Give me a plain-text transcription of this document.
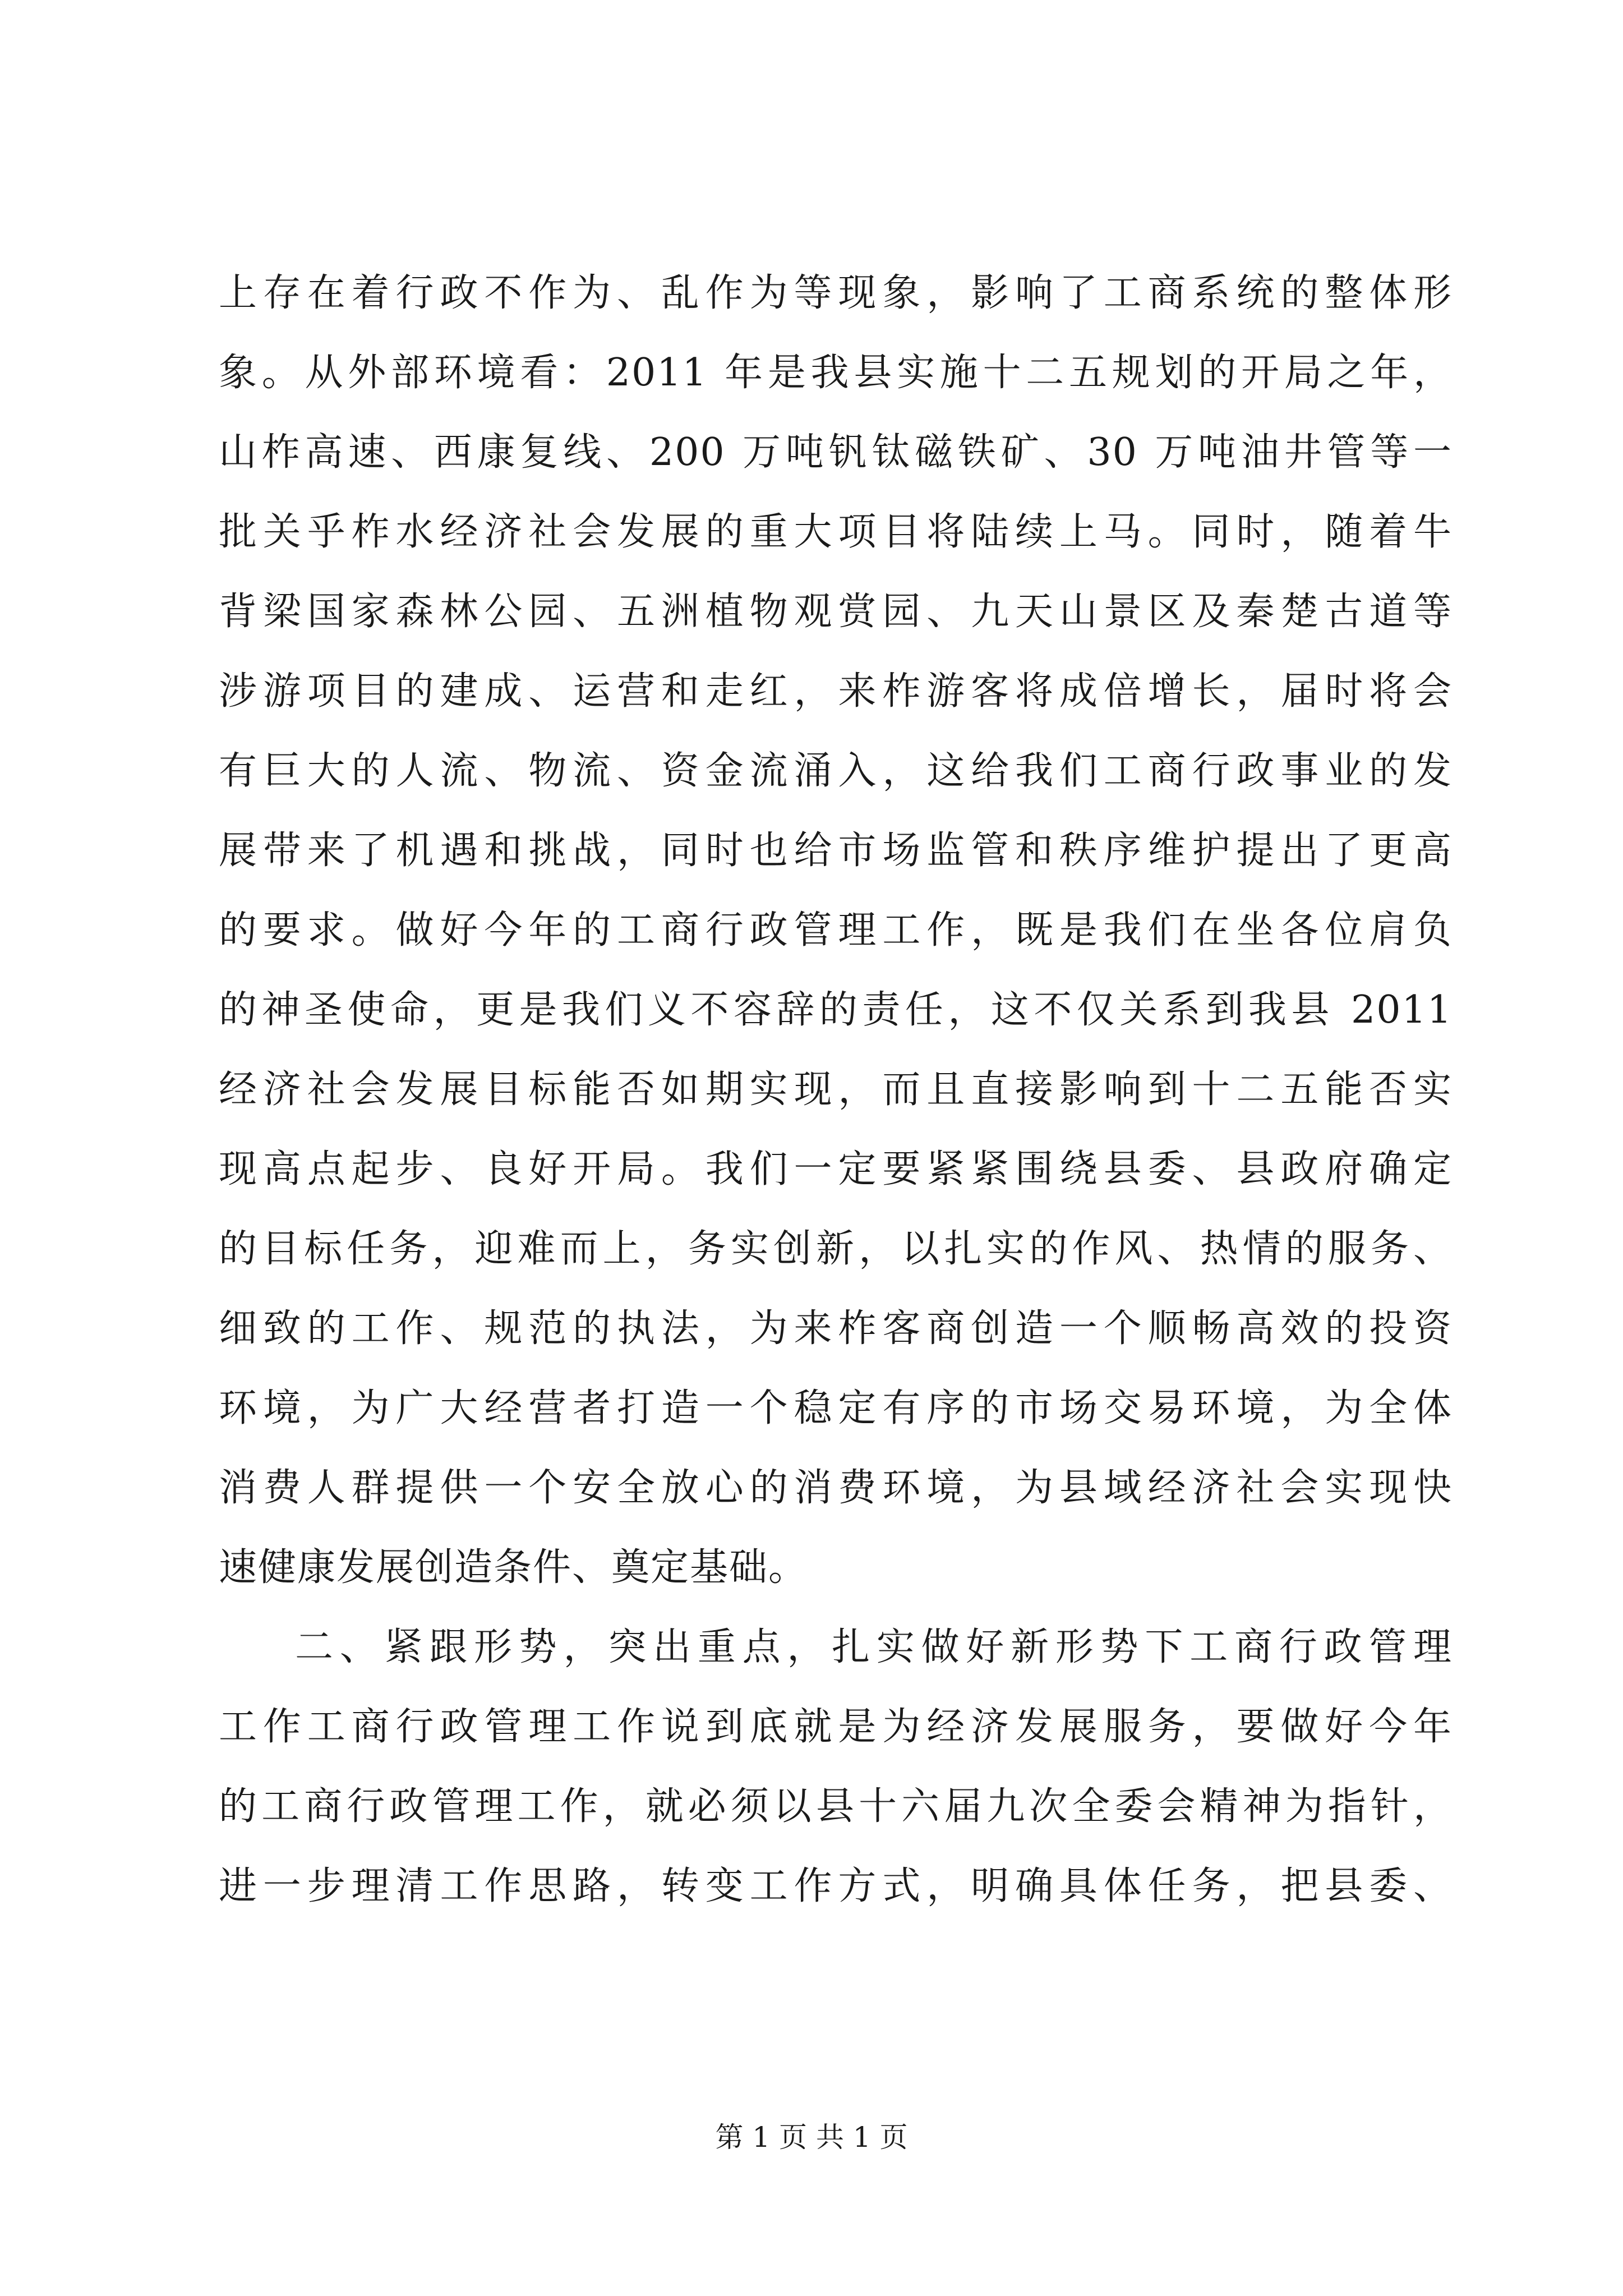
上存在着行政不作为、乱作为等现象，影响了工商系统的整体形
象。从外部环境看：2011 年是我县实施十二五规划的开局之年，
山柞高速、西康复线、200 万吨钒钛磁铁矿、30 万吨油井管等一
批关乎柞水经济社会发展的重大项目将陆续上马。同时，随着牛
背梁国家森林公园、五洲植物观赏园、九天山景区及秦楚古道等
涉游项目的建成、运营和走红，来柞游客将成倍增长，届时将会
有巨大的人流、物流、资金流涌入，这给我们工商行政事业的发
展带来了机遇和挑战，同时也给市场监管和秩序维护提出了更高
的要求。做好今年的工商行政管理工作，既是我们在坐各位肩负
的神圣使命，更是我们义不容辞的责任，这不仅关系到我县 2011
经济社会发展目标能否如期实现，而且直接影响到十二五能否实
现高点起步、良好开局。我们一定要紧紧围绕县委、县政府确定
的目标任务，迎难而上，务实创新，以扎实的作风、热情的服务、
细致的工作、规范的执法，为来柞客商创造一个顺畅高效的投资
环境，为广大经营者打造一个稳定有序的市场交易环境，为全体
消费人群提供一个安全放心的消费环境，为县域经济社会实现快
速健康发展创造条件、奠定基础。
二、紧跟形势，突出重点，扎实做好新形势下工商行政管理
工作工商行政管理工作说到底就是为经济发展服务，要做好今年
的工商行政管理工作，就必须以县十六届九次全委会精神为指针，
进一步理清工作思路，转变工作方式，明确具体任务，把县委、
第 1 页 共 1 页
